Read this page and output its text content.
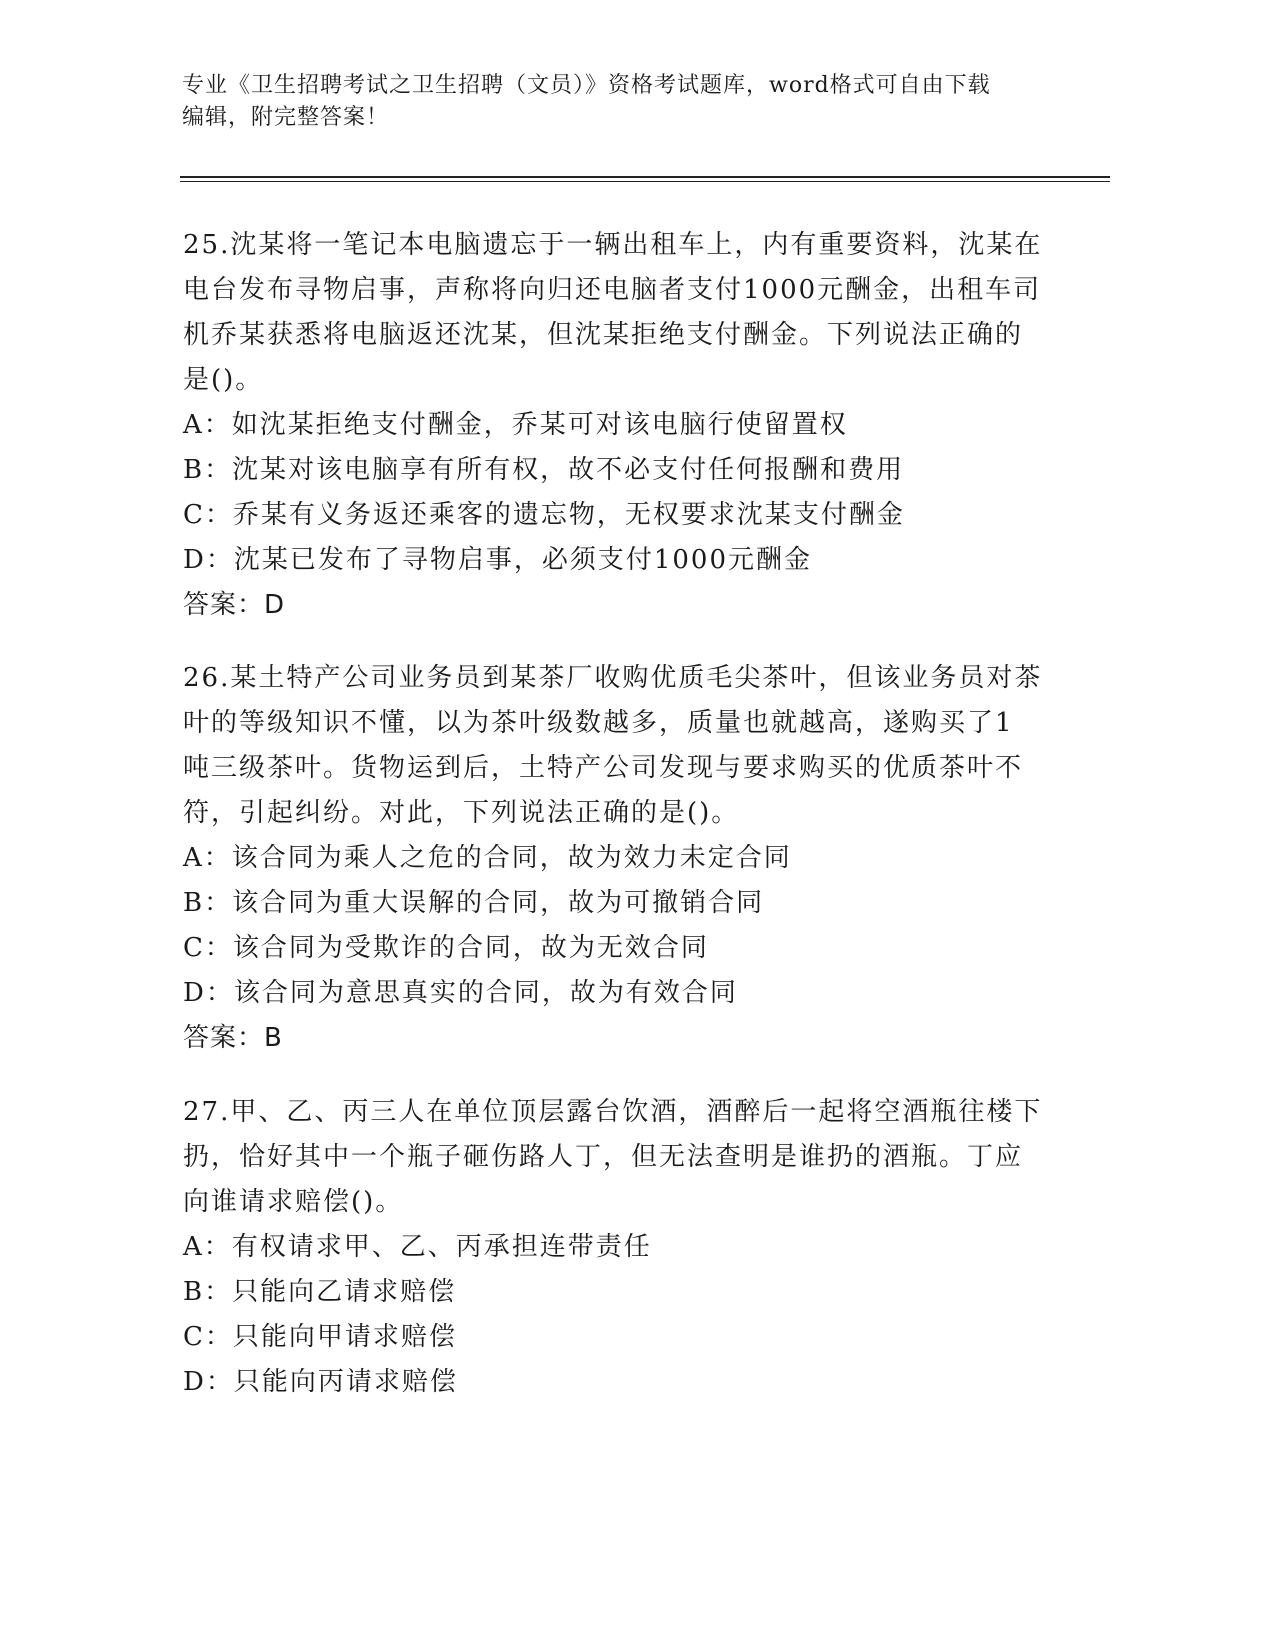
专业《卫生招聘考试之卫生招聘（文员）》资格考试题库，word格式可自由下载
编辑，附完整答案！

25.沈某将一笔记本电脑遗忘于一辆出租车上，内有重要资料，沈某在

电台发布寻物启事，声称将向归还电脑者支付1000元酬金，出租车司

机乔某获悉将电脑返还沈某，但沈某拒绝支付酬金。下列说法正确的

是()。

A：如沈某拒绝支付酬金，乔某可对该电脑行使留置权

B：沈某对该电脑享有所有权，故不必支付任何报酬和费用

C：乔某有义务返还乘客的遗忘物，无权要求沈某支付酬金

D：沈某已发布了寻物启事，必须支付1000元酬金

答案：D

26.某土特产公司业务员到某茶厂收购优质毛尖茶叶，但该业务员对茶

叶的等级知识不懂，以为茶叶级数越多，质量也就越高，遂购买了1

吨三级茶叶。货物运到后，土特产公司发现与要求购买的优质茶叶不

符，引起纠纷。对此，下列说法正确的是()。

A：该合同为乘人之危的合同，故为效力未定合同

B：该合同为重大误解的合同，故为可撤销合同

C：该合同为受欺诈的合同，故为无效合同

D：该合同为意思真实的合同，故为有效合同

答案：B

27.甲、乙、丙三人在单位顶层露台饮酒，酒醉后一起将空酒瓶往楼下

扔，恰好其中一个瓶子砸伤路人丁，但无法查明是谁扔的酒瓶。丁应

向谁请求赔偿()。

A：有权请求甲、乙、丙承担连带责任

B：只能向乙请求赔偿

C：只能向甲请求赔偿

D：只能向丙请求赔偿
